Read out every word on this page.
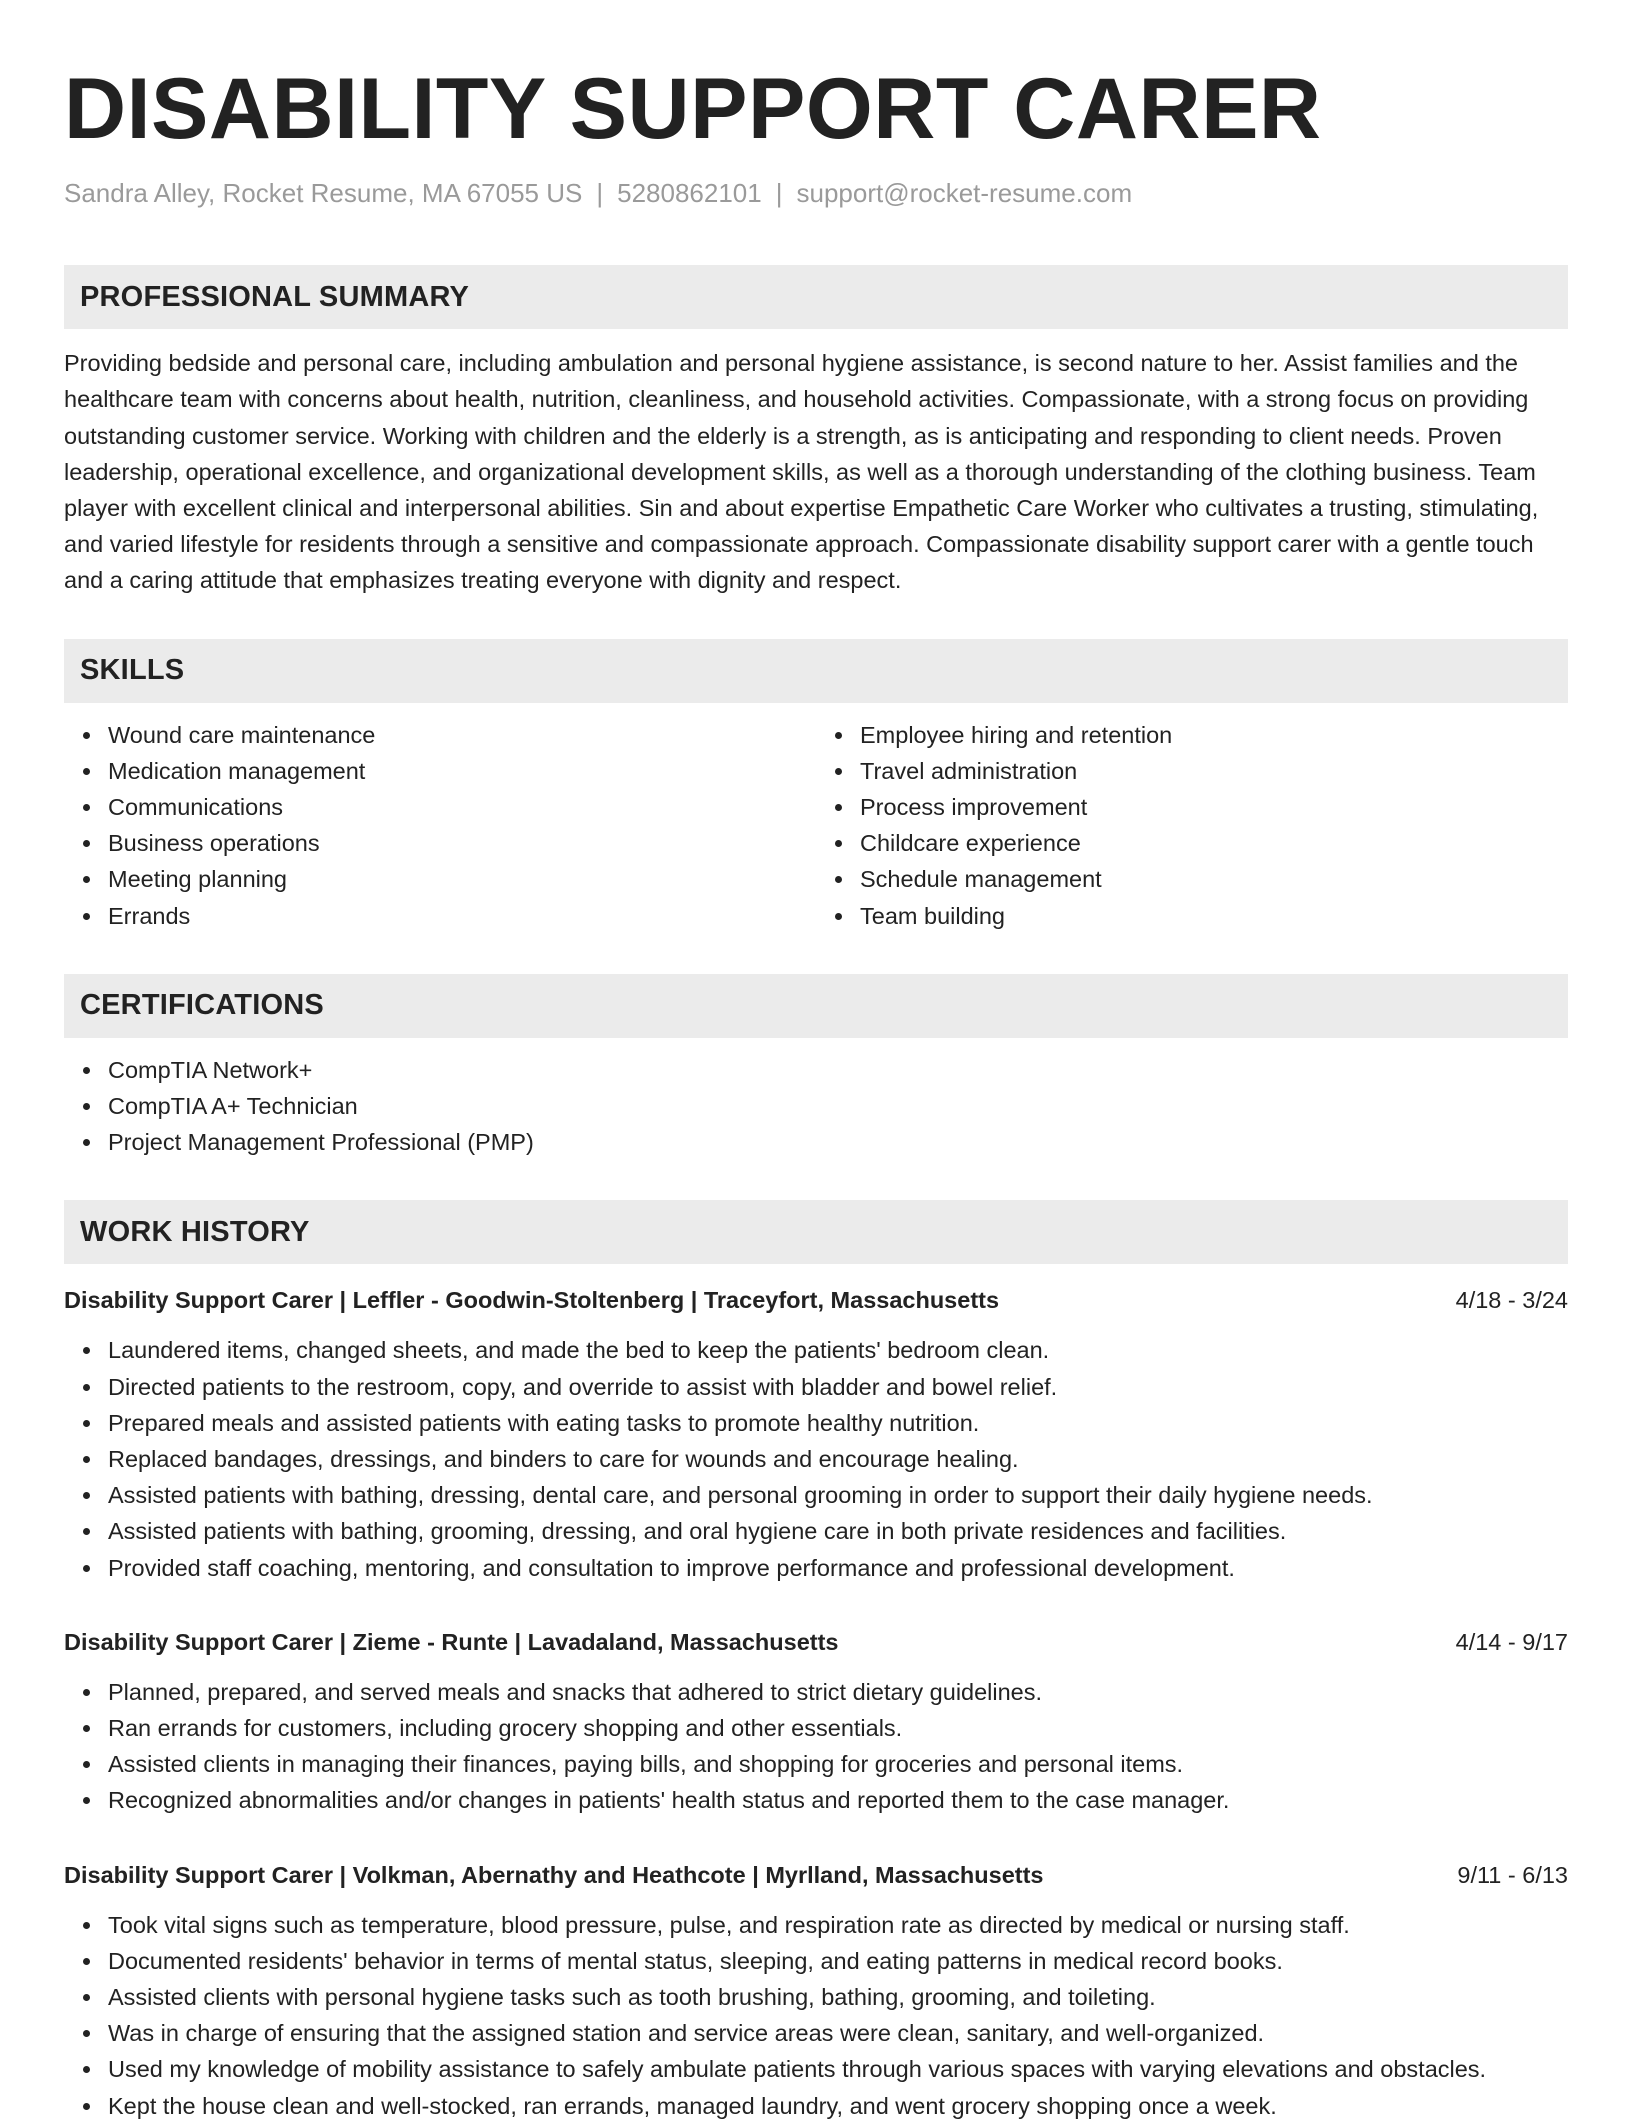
DISABILITY SUPPORT CARER
Sandra Alley, Rocket Resume, MA 67055 US | 5280862101 | support@rocket-resume.com
PROFESSIONAL SUMMARY

Providing bedside and personal care, including ambulation and personal hygiene assistance, is second nature to her. Assist families and the healthcare team with concerns about health, nutrition, cleanliness, and household activities. Compassionate, with a strong focus on providing outstanding customer service. Working with children and the elderly is a strength, as is anticipating and responding to client needs. Proven leadership, operational excellence, and organizational development skills, as well as a thorough understanding of the clothing business. Team player with excellent clinical and interpersonal abilities. Sin and about expertise Empathetic Care Worker who cultivates a trusting, stimulating, and varied lifestyle for residents through a sensitive and compassionate approach. Compassionate disability support carer with a gentle touch and a caring attitude that emphasizes treating everyone with dignity and respect.

SKILLS
Wound care maintenance
Medication management
Communications
Business operations
Meeting planning
Errands
Employee hiring and retention
Travel administration
Process improvement
Childcare experience
Schedule management
Team building
CERTIFICATIONS
CompTIA Network+
CompTIA A+ Technician
Project Management Professional (PMP)
WORK HISTORY
Disability Support Carer | Leffler - Goodwin-Stoltenberg | Traceyfort, Massachusetts	4/18 - 3/24
Laundered items, changed sheets, and made the bed to keep the patients' bedroom clean.
Directed patients to the restroom, copy, and override to assist with bladder and bowel relief.
Prepared meals and assisted patients with eating tasks to promote healthy nutrition.
Replaced bandages, dressings, and binders to care for wounds and encourage healing.
Assisted patients with bathing, dressing, dental care, and personal grooming in order to support their daily hygiene needs.
Assisted patients with bathing, grooming, dressing, and oral hygiene care in both private residences and facilities.
Provided staff coaching, mentoring, and consultation to improve performance and professional development.
Disability Support Carer | Zieme - Runte | Lavadaland, Massachusetts	4/14 - 9/17
Planned, prepared, and served meals and snacks that adhered to strict dietary guidelines.
Ran errands for customers, including grocery shopping and other essentials.
Assisted clients in managing their finances, paying bills, and shopping for groceries and personal items.
Recognized abnormalities and/or changes in patients' health status and reported them to the case manager.
Disability Support Carer | Volkman, Abernathy and Heathcote | Myrlland, Massachusetts	9/11 - 6/13
Took vital signs such as temperature, blood pressure, pulse, and respiration rate as directed by medical or nursing staff.
Documented residents' behavior in terms of mental status, sleeping, and eating patterns in medical record books.
Assisted clients with personal hygiene tasks such as tooth brushing, bathing, grooming, and toileting.
Was in charge of ensuring that the assigned station and service areas were clean, sanitary, and well-organized.
Used my knowledge of mobility assistance to safely ambulate patients through various spaces with varying elevations and obstacles.
Kept the house clean and well-stocked, ran errands, managed laundry, and went grocery shopping once a week.
